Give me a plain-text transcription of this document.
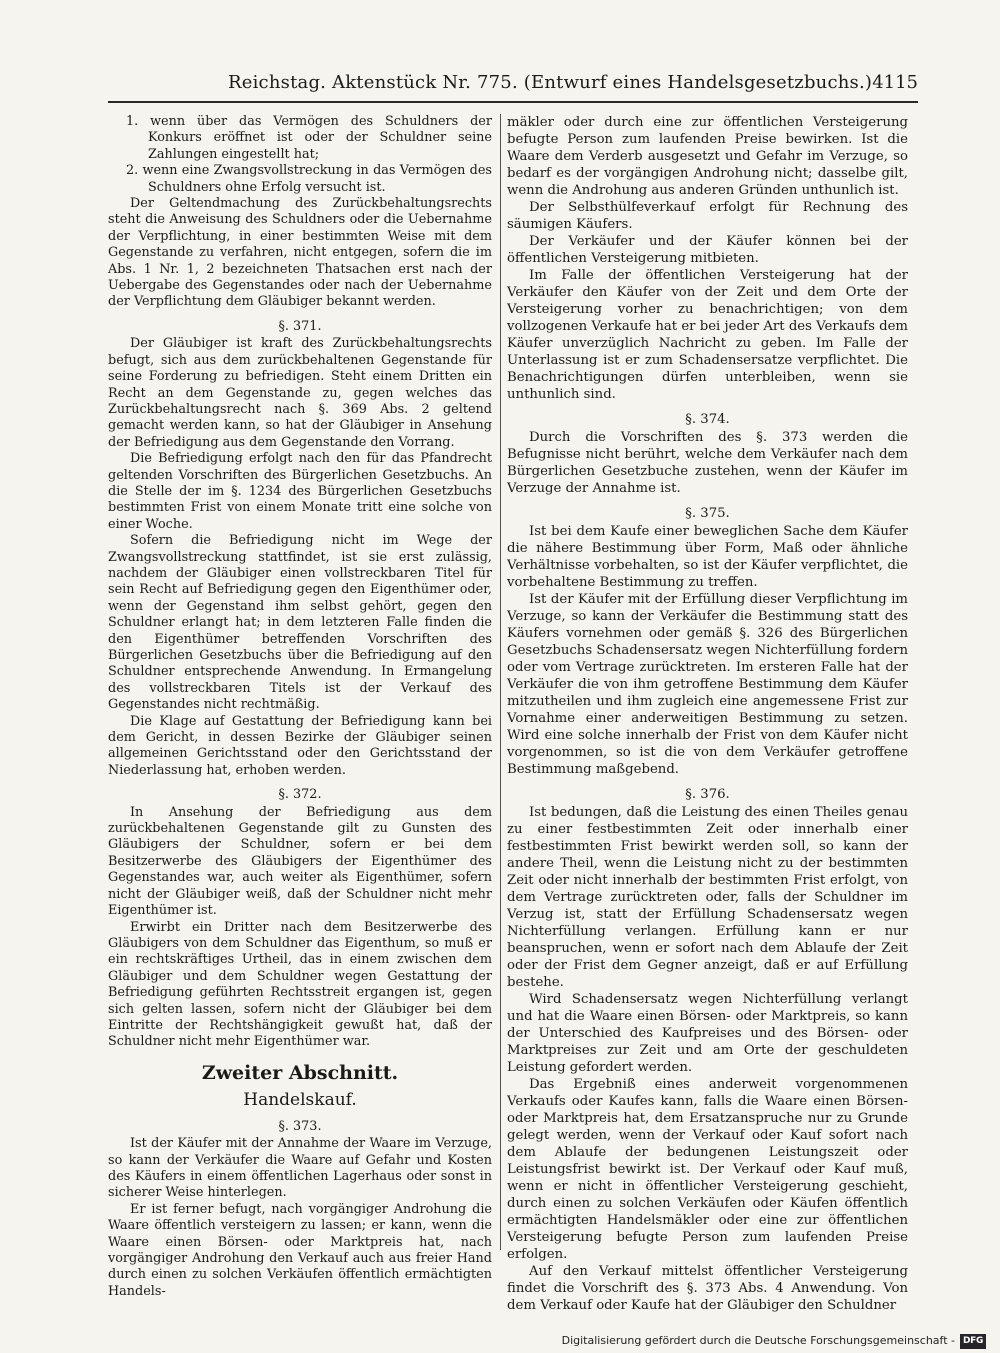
Reichstag. Aktenstück Nr. 775. (Entwurf eines Handelsgesetzbuchs.) 4115

1. wenn über das Vermögen des Schuldners der Konkurs eröffnet ist oder der Schuldner seine Zahlungen eingestellt hat;

2. wenn eine Zwangsvollstreckung in das Vermögen des Schuldners ohne Erfolg versucht ist.

Der Geltendmachung des Zurückbehaltungsrechts steht die Anweisung des Schuldners oder die Uebernahme der Verpflichtung, in einer bestimmten Weise mit dem Gegenstande zu verfahren, nicht entgegen, sofern die im Abs. 1 Nr. 1, 2 bezeichneten Thatsachen erst nach der Uebergabe des Gegenstandes oder nach der Uebernahme der Verpflichtung dem Gläubiger bekannt werden.

§. 371.

Der Gläubiger ist kraft des Zurückbehaltungsrechts befugt, sich aus dem zurückbehaltenen Gegenstande für seine Forderung zu befriedigen. Steht einem Dritten ein Recht an dem Gegenstande zu, gegen welches das Zurückbehaltungsrecht nach §. 369 Abs. 2 geltend gemacht werden kann, so hat der Gläubiger in Ansehung der Befriedigung aus dem Gegenstande den Vorrang.

Die Befriedigung erfolgt nach den für das Pfandrecht geltenden Vorschriften des Bürgerlichen Gesetzbuchs. An die Stelle der im §. 1234 des Bürgerlichen Gesetzbuchs bestimmten Frist von einem Monate tritt eine solche von einer Woche.

Sofern die Befriedigung nicht im Wege der Zwangsvollstreckung stattfindet, ist sie erst zulässig, nachdem der Gläubiger einen vollstreckbaren Titel für sein Recht auf Befriedigung gegen den Eigenthümer oder, wenn der Gegenstand ihm selbst gehört, gegen den Schuldner erlangt hat; in dem letzteren Falle finden die den Eigenthümer betreffenden Vorschriften des Bürgerlichen Gesetzbuchs über die Befriedigung auf den Schuldner entsprechende Anwendung. In Ermangelung des vollstreckbaren Titels ist der Verkauf des Gegenstandes nicht rechtmäßig.

Die Klage auf Gestattung der Befriedigung kann bei dem Gericht, in dessen Bezirke der Gläubiger seinen allgemeinen Gerichtsstand oder den Gerichtsstand der Niederlassung hat, erhoben werden.

§. 372.

In Ansehung der Befriedigung aus dem zurückbehaltenen Gegenstande gilt zu Gunsten des Gläubigers der Schuldner, sofern er bei dem Besitzerwerbe des Gläubigers der Eigenthümer des Gegenstandes war, auch weiter als Eigenthümer, sofern nicht der Gläubiger weiß, daß der Schuldner nicht mehr Eigenthümer ist.

Erwirbt ein Dritter nach dem Besitzerwerbe des Gläubigers von dem Schuldner das Eigenthum, so muß er ein rechtskräftiges Urtheil, das in einem zwischen dem Gläubiger und dem Schuldner wegen Gestattung der Befriedigung geführten Rechtsstreit ergangen ist, gegen sich gelten lassen, sofern nicht der Gläubiger bei dem Eintritte der Rechtshängigkeit gewußt hat, daß der Schuldner nicht mehr Eigenthümer war.

Zweiter Abschnitt.

Handelskauf.

§. 373.

Ist der Käufer mit der Annahme der Waare im Verzuge, so kann der Verkäufer die Waare auf Gefahr und Kosten des Käufers in einem öffentlichen Lagerhaus oder sonst in sicherer Weise hinterlegen.

Er ist ferner befugt, nach vorgängiger Androhung die Waare öffentlich versteigern zu lassen; er kann, wenn die Waare einen Börsen- oder Marktpreis hat, nach vorgängiger Androhung den Verkauf auch aus freier Hand durch einen zu solchen Verkäufen öffentlich ermächtigten Handels-

mäkler oder durch eine zur öffentlichen Versteigerung befugte Person zum laufenden Preise bewirken. Ist die Waare dem Verderb ausgesetzt und Gefahr im Verzuge, so bedarf es der vorgängigen Androhung nicht; dasselbe gilt, wenn die Androhung aus anderen Gründen unthunlich ist.

Der Selbsthülfeverkauf erfolgt für Rechnung des säumigen Käufers.

Der Verkäufer und der Käufer können bei der öffentlichen Versteigerung mitbieten.

Im Falle der öffentlichen Versteigerung hat der Verkäufer den Käufer von der Zeit und dem Orte der Versteigerung vorher zu benachrichtigen; von dem vollzogenen Verkaufe hat er bei jeder Art des Verkaufs dem Käufer unverzüglich Nachricht zu geben. Im Falle der Unterlassung ist er zum Schadensersatze verpflichtet. Die Benachrichtigungen dürfen unterbleiben, wenn sie unthunlich sind.

§. 374.

Durch die Vorschriften des §. 373 werden die Befugnisse nicht berührt, welche dem Verkäufer nach dem Bürgerlichen Gesetzbuche zustehen, wenn der Käufer im Verzuge der Annahme ist.

§. 375.

Ist bei dem Kaufe einer beweglichen Sache dem Käufer die nähere Bestimmung über Form, Maß oder ähnliche Verhältnisse vorbehalten, so ist der Käufer verpflichtet, die vorbehaltene Bestimmung zu treffen.

Ist der Käufer mit der Erfüllung dieser Verpflichtung im Verzuge, so kann der Verkäufer die Bestimmung statt des Käufers vornehmen oder gemäß §. 326 des Bürgerlichen Gesetzbuchs Schadensersatz wegen Nichterfüllung fordern oder vom Vertrage zurücktreten. Im ersteren Falle hat der Verkäufer die von ihm getroffene Bestimmung dem Käufer mitzutheilen und ihm zugleich eine angemessene Frist zur Vornahme einer anderweitigen Bestimmung zu setzen. Wird eine solche innerhalb der Frist von dem Käufer nicht vorgenommen, so ist die von dem Verkäufer getroffene Bestimmung maßgebend.

§. 376.

Ist bedungen, daß die Leistung des einen Theiles genau zu einer festbestimmten Zeit oder innerhalb einer festbestimmten Frist bewirkt werden soll, so kann der andere Theil, wenn die Leistung nicht zu der bestimmten Zeit oder nicht innerhalb der bestimmten Frist erfolgt, von dem Vertrage zurücktreten oder, falls der Schuldner im Verzug ist, statt der Erfüllung Schadensersatz wegen Nichterfüllung verlangen. Erfüllung kann er nur beanspruchen, wenn er sofort nach dem Ablaufe der Zeit oder der Frist dem Gegner anzeigt, daß er auf Erfüllung bestehe.

Wird Schadensersatz wegen Nichterfüllung verlangt und hat die Waare einen Börsen- oder Marktpreis, so kann der Unterschied des Kaufpreises und des Börsen- oder Marktpreises zur Zeit und am Orte der geschuldeten Leistung gefordert werden.

Das Ergebniß eines anderweit vorgenommenen Verkaufs oder Kaufes kann, falls die Waare einen Börsen- oder Marktpreis hat, dem Ersatzanspruche nur zu Grunde gelegt werden, wenn der Verkauf oder Kauf sofort nach dem Ablaufe der bedungenen Leistungszeit oder Leistungsfrist bewirkt ist. Der Verkauf oder Kauf muß, wenn er nicht in öffentlicher Versteigerung geschieht, durch einen zu solchen Verkäufen oder Käufen öffentlich ermächtigten Handelsmäkler oder eine zur öffentlichen Versteigerung befugte Person zum laufenden Preise erfolgen.

Auf den Verkauf mittelst öffentlicher Versteigerung findet die Vorschrift des §. 373 Abs. 4 Anwendung. Von dem Verkauf oder Kaufe hat der Gläubiger den Schuldner

Digitalisierung gefördert durch die Deutsche Forschungsgemeinschaft - DFG
